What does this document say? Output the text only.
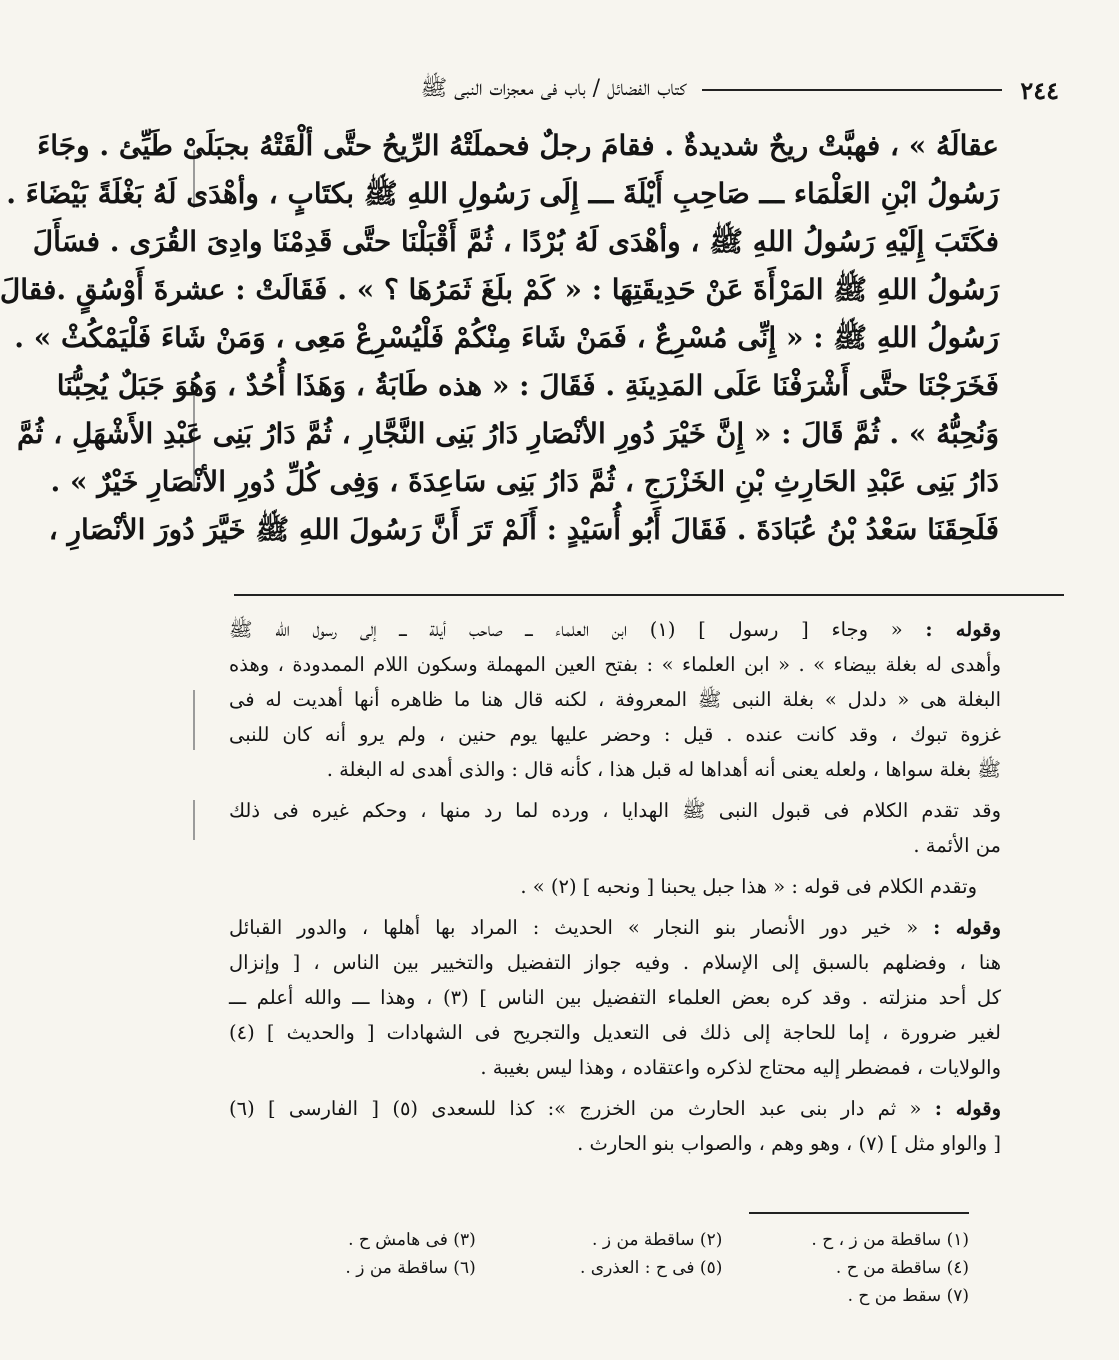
٢٤٤
كتاب الفضائل / باب فى معجزات النبى ﷺ
عقالَهُ » ، فهبَّتْ ريحٌ شديدةٌ . فقامَ رجلٌ فحملَتْهُ الرِّيحُ حتَّى ألْقَتْهُ بجبَلَىْ طَيِّئ . وجَاءَ
رَسُولُ ابْنِ العَلْمَاء ـــ صَاحِبِ أَيْلَةَ ـــ إِلَى رَسُولِ اللهِ ﷺ بكتَابٍ ، وأهْدَى لَهُ بَغْلَةً بَيْضَاءَ .
فكَتَبَ إِلَيْهِ رَسُولُ اللهِ ﷺ ، وأهْدَى لَهُ بُرْدًا ، ثُمَّ أَقْبَلْنَا حتَّى قَدِمْنَا وادِىَ القُرَى . فسَأَلَ
رَسُولُ اللهِ ﷺ المَرْأَةَ عَنْ حَدِيقَتِهَا : « كَمْ بلَغَ ثَمَرُهَا ؟ » . فَقَالَتْ : عشرةَ أَوْسُقٍ .فقالَ
رَسُولُ اللهِ ﷺ : « إِنِّى مُسْرِعٌ ، فَمَنْ شَاءَ مِنْكُمْ فَلْيُسْرِعْ مَعِى ، وَمَنْ شَاءَ فَلْيَمْكُثْ » .
فَخَرَجْنَا حتَّى أَشْرَفْنَا عَلَى المَدِينَةِ . فَقَالَ : « هذه طَابَةُ ، وَهَذَا أُحُدٌ ، وَهُوَ جَبَلٌ يُحِبُّنَا
وَنُحِبُّهُ » . ثُمَّ قَالَ : « إِنَّ خَيْرَ دُورِ الأنْصَارِ دَارُ بَنِى النَّجَّارِ ، ثُمَّ دَارُ بَنِى عَبْدِ الأَشْهَلِ ، ثُمَّ
دَارُ بَنِى عَبْدِ الحَارِثِ بْنِ الخَزْرَجِ ، ثُمَّ دَارُ بَنِى سَاعِدَةَ ، وَفِى كُلِّ دُورِ الأنْصَارِ خَيْرٌ » .
فَلَحِقَنَا سَعْدُ بْنُ عُبَادَةَ . فَقَالَ أَبُو أُسَيْدٍ : أَلَمْ تَرَ أَنَّ رَسُولَ اللهِ ﷺ خَيَّرَ دُورَ الأنْصَارِ ،
وقوله : « وجاء [ رسول ] (١) ابن العلماء ـــ صاحب أيلة ـــ إلى رسول الله ﷺ
وأهدى له بغلة بيضاء » . « ابن العلماء » : بفتح العين المهملة وسكون اللام الممدودة ، وهذه
البغلة هى « دلدل » بغلة النبى ﷺ المعروفة ، لكنه قال هنا ما ظاهره أنها أهديت له فى
غزوة تبوك ، وقد كانت عنده . قيل : وحضر عليها يوم حنين ، ولم يرو أنه كان للنبى
ﷺ بغلة سواها ، ولعله يعنى أنه أهداها له قبل هذا ، كأنه قال : والذى أهدى له البغلة .
وقد تقدم الكلام فى قبول النبى ﷺ الهدايا ، ورده لما رد منها ، وحكم غيره فى ذلك
من الأئمة .
وتقدم الكلام فى قوله : « هذا جبل يحبنا [ ونحبه ] (٢) » .
وقوله : « خير دور الأنصار بنو النجار » الحديث : المراد بها أهلها ، والدور القبائل
هنا ، وفضلهم بالسبق إلى الإسلام . وفيه جواز التفضيل والتخيير بين الناس ، [ وإنزال
كل أحد منزلته . وقد كره بعض العلماء التفضيل بين الناس ] (٣) ، وهذا ـــ والله أعلم ـــ
لغير ضرورة ، إما للحاجة إلى ذلك فى التعديل والتجريح فى الشهادات [ والحديث ] (٤)
والولايات ، فمضطر إليه محتاج لذكره واعتقاده ، وهذا ليس بغيبة .
وقوله : « ثم دار بنى عبد الحارث من الخزرج »: كذا للسعدى (٥) [ الفارسى ] (٦)
[ والواو مثل ] (٧) ، وهو وهم ، والصواب بنو الحارث .
(١) ساقطة من ز ، ح .
(٢) ساقطة من ز .
(٣) فى هامش ح .
(٤) ساقطة من ح .
(٥) فى ح : العذرى .
(٦) ساقطة من ز .
(٧) سقط من ح .
